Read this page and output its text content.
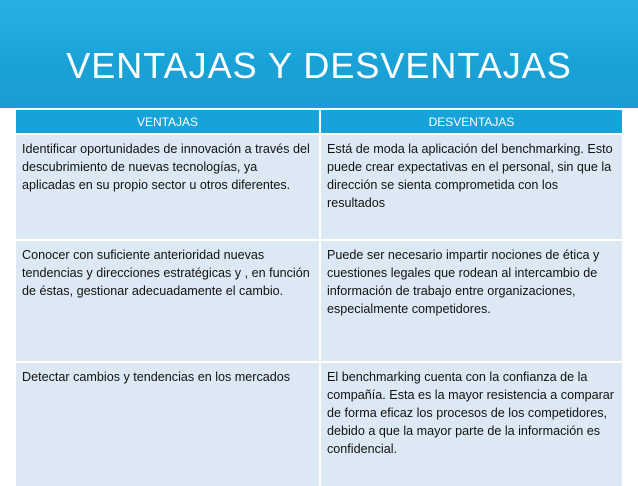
VENTAJAS Y DESVENTAJAS
VENTAJAS	DESVENTAJAS
Identificar oportunidades de innovación a través del descubrimiento de nuevas tecnologías, ya aplicadas en su propio sector u otros diferentes.	Está de moda la aplicación del benchmarking. Esto puede crear expectativas en el personal, sin que la dirección se sienta comprometida con los resultados
Conocer con suficiente anterioridad nuevas tendencias y direcciones estratégicas y , en función de éstas, gestionar adecuadamente el cambio.	Puede ser necesario impartir nociones de ética y cuestiones legales que rodean al intercambio de información de trabajo entre organizaciones, especialmente competidores.
Detectar cambios y tendencias en los mercados	El benchmarking cuenta con la confianza de la compañía. Esta es la mayor resistencia a comparar de forma eficaz los procesos de los competidores, debido a que la mayor parte de la información es confidencial.
